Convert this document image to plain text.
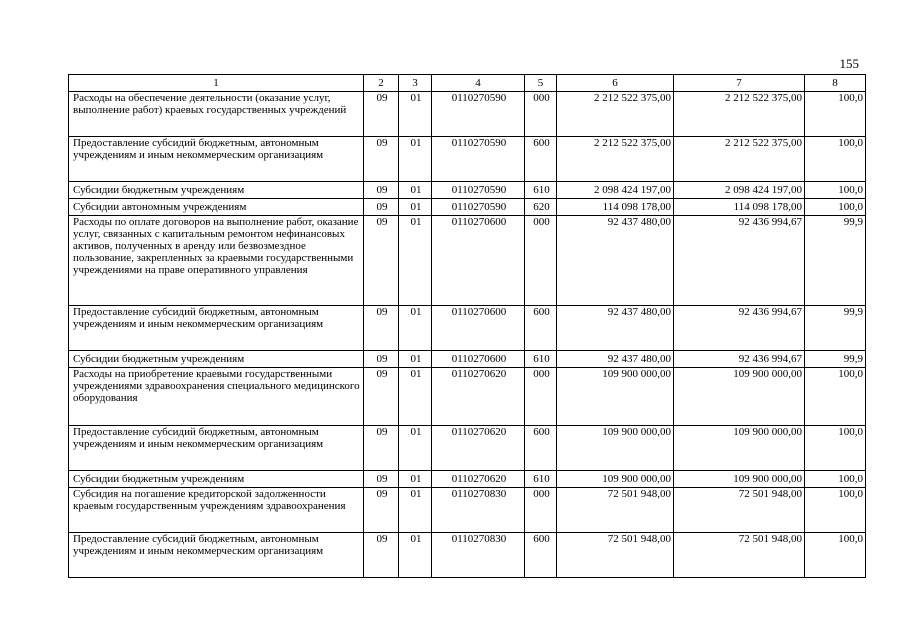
155
1	2	3	4	5	6	7	8
Расходы на обеспечение деятельности (оказание услуг, выполнение работ) краевых государственных учреждений	09	01	0110270590	000	2 212 522 375,00	2 212 522 375,00	100,0
Предоставление субсидий бюджетным, автономным учреждениям и иным некоммерческим организациям	09	01	0110270590	600	2 212 522 375,00	2 212 522 375,00	100,0
Субсидии бюджетным учреждениям	09	01	0110270590	610	2 098 424 197,00	2 098 424 197,00	100,0
Субсидии автономным учреждениям	09	01	0110270590	620	114 098 178,00	114 098 178,00	100,0
Расходы по оплате договоров на выполнение работ, оказание услуг, связанных с капитальным ремонтом нефинансовых активов, полученных в аренду или безвозмездное пользование, закрепленных за краевыми государственными учреждениями на праве оперативного управления	09	01	0110270600	000	92 437 480,00	92 436 994,67	99,9
Предоставление субсидий бюджетным, автономным учреждениям и иным некоммерческим организациям	09	01	0110270600	600	92 437 480,00	92 436 994,67	99,9
Субсидии бюджетным учреждениям	09	01	0110270600	610	92 437 480,00	92 436 994,67	99,9
Расходы на приобретение краевыми государственными учреждениями здравоохранения специального медицинского оборудования	09	01	0110270620	000	109 900 000,00	109 900 000,00	100,0
Предоставление субсидий бюджетным, автономным учреждениям и иным некоммерческим организациям	09	01	0110270620	600	109 900 000,00	109 900 000,00	100,0
Субсидии бюджетным учреждениям	09	01	0110270620	610	109 900 000,00	109 900 000,00	100,0
Субсидия на погашение кредиторской задолженности краевым государственным учреждениям здравоохранения	09	01	0110270830	000	72 501 948,00	72 501 948,00	100,0
Предоставление субсидий бюджетным, автономным учреждениям и иным некоммерческим организациям	09	01	0110270830	600	72 501 948,00	72 501 948,00	100,0
